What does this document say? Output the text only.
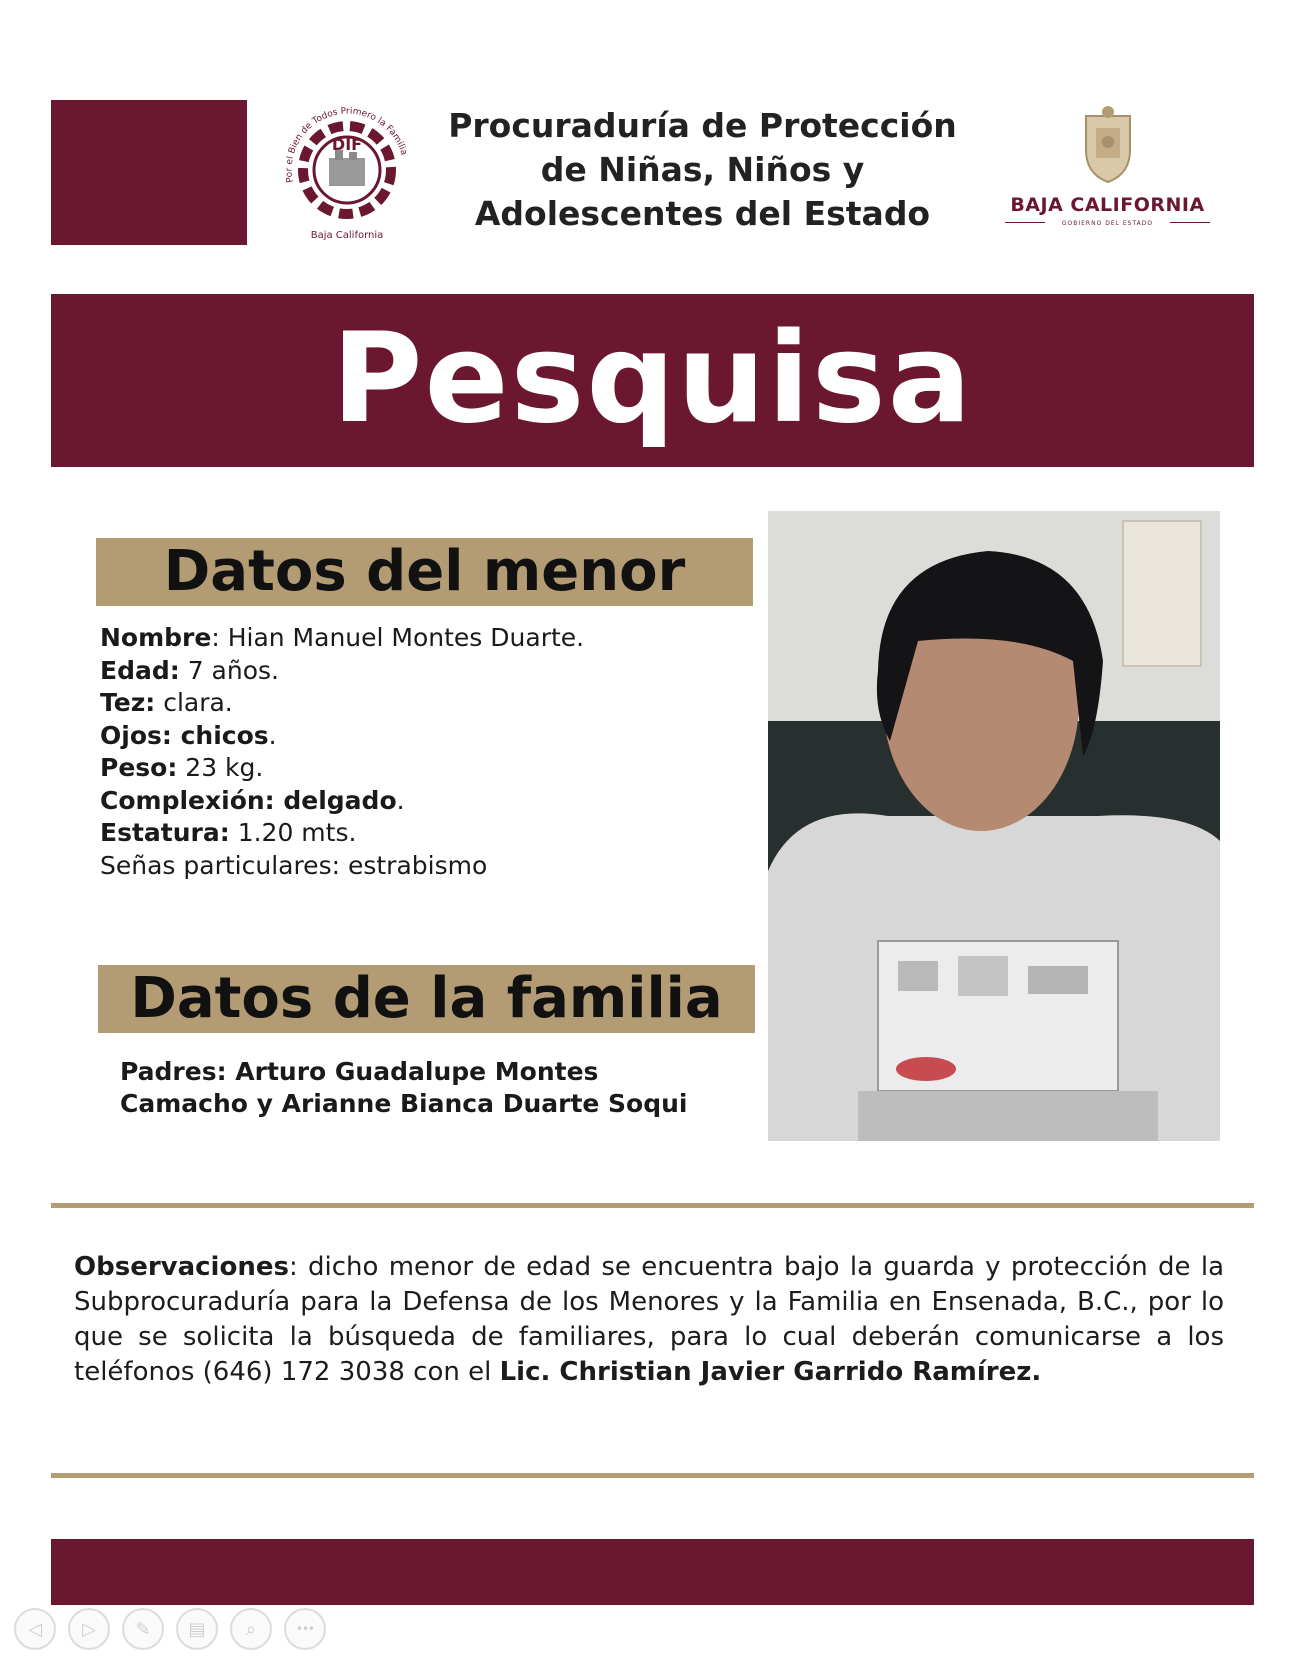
DIF
Por el Bien de Todos Primero la Familia
Baja California
Procuraduría de Protección
de Niñas, Niños y
Adolescentes del Estado	BAJA CALIFORNIA
GOBIERNO DEL ESTADO
Pesquisa
Datos del menor
Nombre: Hian Manuel Montes Duarte.
Edad: 7 años.
Tez: clara.
Ojos: chicos.
Peso: 23 kg.
Complexión: delgado.
Estatura: 1.20 mts.
Señas particulares: estrabismo
Datos de la familia
Padres: Arturo Guadalupe Montes
Camacho y Arianne Bianca Duarte Soqui
Observaciones: dicho menor de edad se encuentra bajo la guarda y protección de la Subprocuraduría para la Defensa de los Menores y la Familia en Ensenada, B.C., por lo que se solicita la búsqueda de familiares, para lo cual deberán comunicarse a los teléfonos (646) 172 3038 con el Lic. Christian Javier Garrido Ramírez.
◁ ▷ ✎ ▤ ⌕	•••
